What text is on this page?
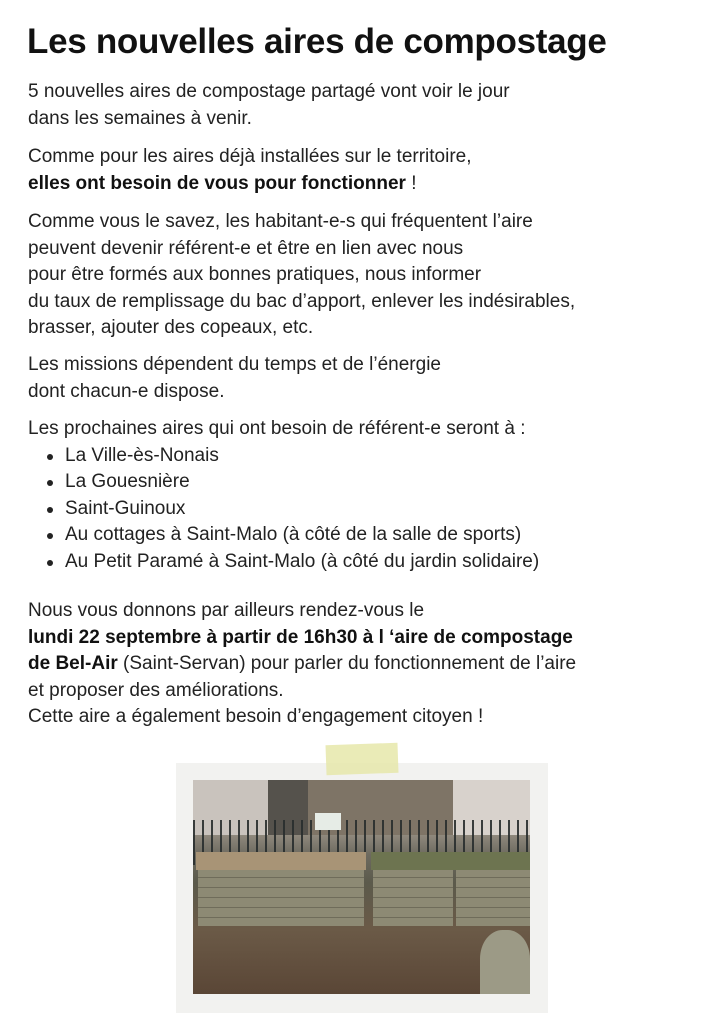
Les nouvelles aires de compostage
5 nouvelles aires de compostage partagé vont voir le jour
dans les semaines à venir.
Comme pour les aires déjà installées sur le territoire,
elles ont besoin de vous pour fonctionner !
Comme vous le savez, les habitant-e-s qui fréquentent l’aire
peuvent devenir référent-e et être en lien avec nous
pour être formés aux bonnes pratiques, nous informer
du taux de remplissage du bac d’apport, enlever les indésirables,
brasser, ajouter des copeaux, etc.
Les missions dépendent du temps et de l’énergie
dont chacun-e dispose.
Les prochaines aires qui ont besoin de référent-e seront à :
La Ville-ès-Nonais
La Gouesnière
Saint-Guinoux
Au cottages à Saint-Malo (à côté de la salle de sports)
Au Petit Paramé à Saint-Malo (à côté du jardin solidaire)
Nous vous donnons par ailleurs rendez-vous le
lundi 22 septembre à partir de 16h30 à l ‘aire de compostage
de Bel-Air (Saint-Servan) pour parler du fonctionnement de l’aire
et proposer des améliorations.
Cette aire a également besoin d’engagement citoyen !
